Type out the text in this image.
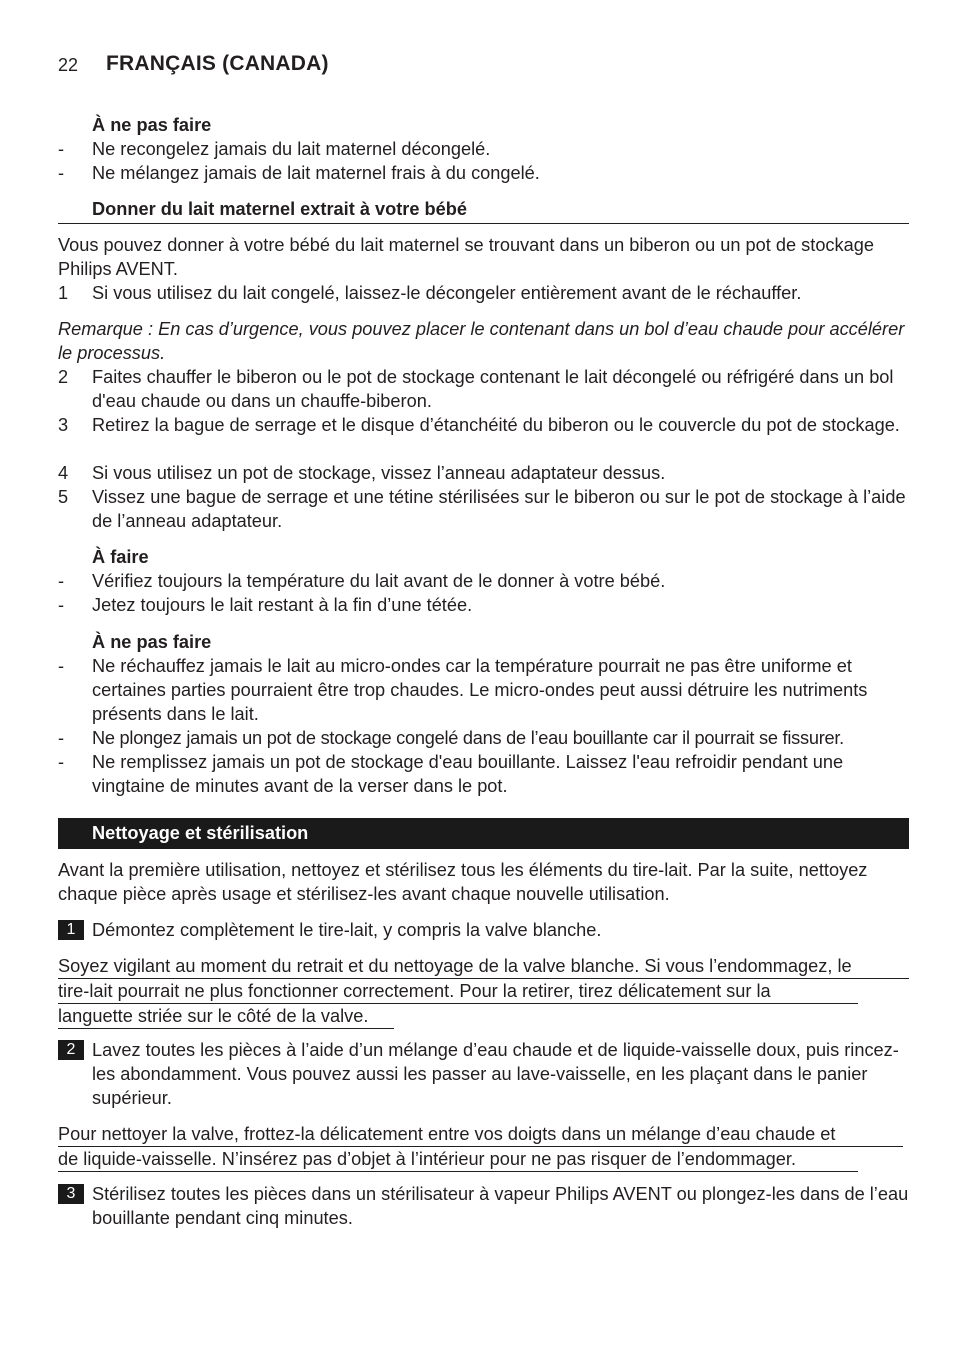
22 FRANÇAIS (CANADA)
À ne pas faire
- Ne recongelez jamais du lait maternel décongelé.
- Ne mélangez jamais de lait maternel frais à du congelé.
Donner du lait maternel extrait à votre bébé
Vous pouvez donner à votre bébé du lait maternel se trouvant dans un biberon ou un pot de stockage Philips AVENT.
1 Si vous utilisez du lait congelé, laissez-le décongeler entièrement avant de le réchauffer.
Remarque : En cas d’urgence, vous pouvez placer le contenant dans un bol d’eau chaude pour accélérer le processus.
2 Faites chauffer le biberon ou le pot de stockage contenant le lait décongelé ou réfrigéré dans un bol d'eau chaude ou dans un chauffe-biberon.
3 Retirez la bague de serrage et le disque d’étanchéité du biberon ou le couvercle du pot de stockage.
4 Si vous utilisez un pot de stockage, vissez l’anneau adaptateur dessus.
5 Vissez une bague de serrage et une tétine stérilisées sur le biberon ou sur le pot de stockage à l’aide de l’anneau adaptateur.
À faire
- Vérifiez toujours la température du lait avant de le donner à votre bébé.
- Jetez toujours le lait restant à la fin d’une tétée.
À ne pas faire
- Ne réchauffez jamais le lait au micro-ondes car la température pourrait ne pas être uniforme et certaines parties pourraient être trop chaudes. Le micro-ondes peut aussi détruire les nutriments présents dans le lait.
- Ne plongez jamais un pot de stockage congelé dans de l’eau bouillante car il pourrait se fissurer.
- Ne remplissez jamais un pot de stockage d'eau bouillante. Laissez l'eau refroidir pendant une vingtaine de minutes avant de la verser dans le pot.
Nettoyage et stérilisation
Avant la première utilisation, nettoyez et stérilisez tous les éléments du tire-lait. Par la suite, nettoyez chaque pièce après usage et stérilisez-les avant chaque nouvelle utilisation.
1 Démontez complètement le tire-lait, y compris la valve blanche.
Soyez vigilant au moment du retrait et du nettoyage de la valve blanche. Si vous l’endommagez, le
tire-lait pourrait ne plus fonctionner correctement. Pour la retirer, tirez délicatement sur la
languette striée sur le côté de la valve.
2 Lavez toutes les pièces à l’aide d’un mélange d’eau chaude et de liquide-vaisselle doux, puis rincez-les abondamment. Vous pouvez aussi les passer au lave-vaisselle, en les plaçant dans le panier supérieur.
Pour nettoyer la valve, frottez-la délicatement entre vos doigts dans un mélange d’eau chaude et
de liquide-vaisselle. N’insérez pas d’objet à l’intérieur pour ne pas risquer de l’endommager.
3 Stérilisez toutes les pièces dans un stérilisateur à vapeur Philips AVENT ou plongez-les dans de l’eau bouillante pendant cinq minutes.
